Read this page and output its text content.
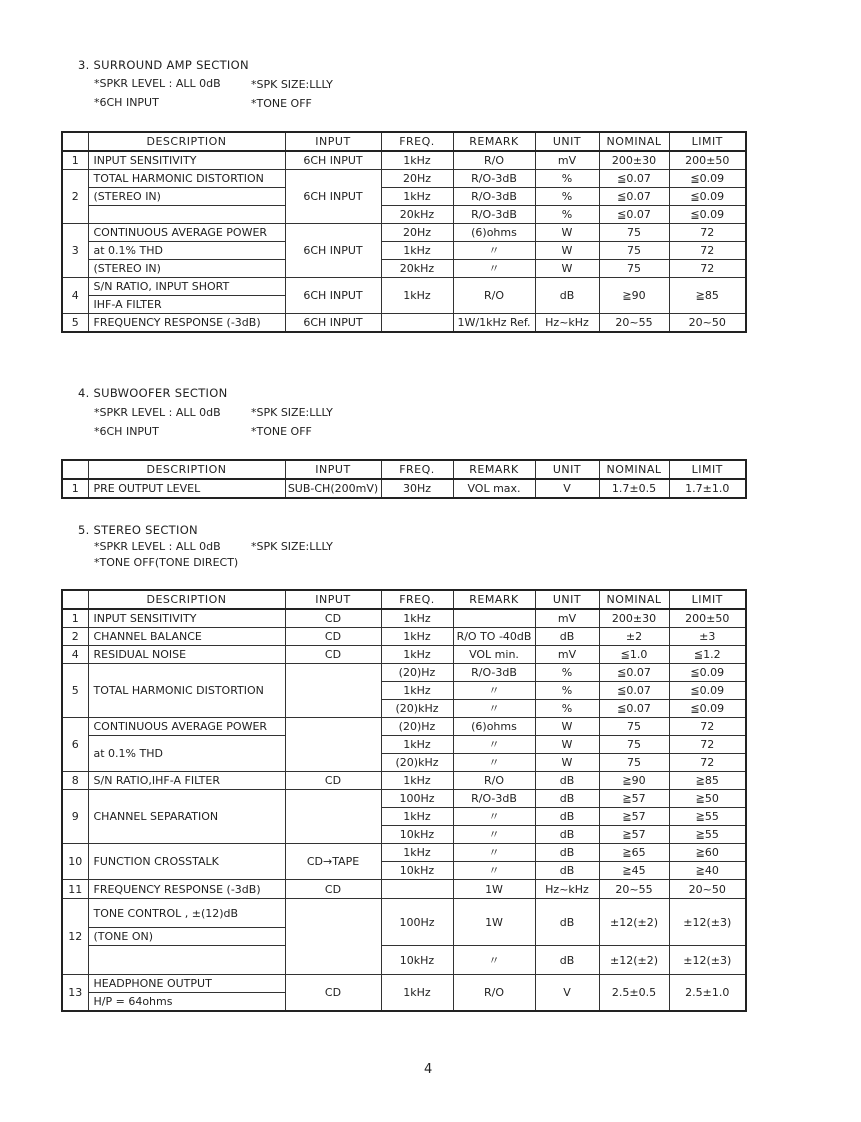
3. SURROUND AMP SECTION
*SPKR LEVEL : ALL 0dB	*SPK SIZE:LLLY
*6CH INPUT	*TONE OFF
	DESCRIPTION	INPUT	FREQ.	REMARK	UNIT	NOMINAL	LIMIT
1	INPUT SENSITIVITY	6CH INPUT	1kHz	R/O	mV	200±30	200±50
2	TOTAL HARMONIC DISTORTION	6CH INPUT	20Hz	R/O-3dB	%	≦0.07	≦0.09
	(STEREO IN)		1kHz	R/O-3dB	%	≦0.07	≦0.09
			20kHz	R/O-3dB	%	≦0.07	≦0.09
3	CONTINUOUS AVERAGE POWER	6CH INPUT	20Hz	(6)ohms	W	75	72
	at 0.1% THD		1kHz	〃	W	75	72
	(STEREO IN)		20kHz	〃	W	75	72
4	S/N RATIO, INPUT SHORT	6CH INPUT	1kHz	R/O	dB	≧90	≧85
	IHF-A FILTER						
5	FREQUENCY RESPONSE (-3dB)	6CH INPUT		1W/1kHz Ref.	Hz~kHz	20~55	20~50
4. SUBWOOFER SECTION
*SPKR LEVEL : ALL 0dB	*SPK SIZE:LLLY
*6CH INPUT	*TONE OFF
	DESCRIPTION	INPUT	FREQ.	REMARK	UNIT	NOMINAL	LIMIT
1	PRE OUTPUT LEVEL	SUB-CH(200mV)	30Hz	VOL max.	V	1.7±0.5	1.7±1.0
5. STEREO SECTION
*SPKR LEVEL : ALL 0dB	*SPK SIZE:LLLY
*TONE OFF(TONE DIRECT)
	DESCRIPTION	INPUT	FREQ.	REMARK	UNIT	NOMINAL	LIMIT
1	INPUT SENSITIVITY	CD	1kHz		mV	200±30	200±50
2	CHANNEL BALANCE	CD	1kHz	R/O TO -40dB	dB	±2	±3
4	RESIDUAL NOISE	CD	1kHz	VOL min.	mV	≦1.0	≦1.2
5	TOTAL HARMONIC DISTORTION		(20)Hz	R/O-3dB	%	≦0.07	≦0.09
			1kHz	〃	%	≦0.07	≦0.09
			(20)kHz	〃	%	≦0.07	≦0.09
6	CONTINUOUS AVERAGE POWER		(20)Hz	(6)ohms	W	75	72
	at 0.1% THD		1kHz	〃	W	75	72
			(20)kHz	〃	W	75	72
8	S/N RATIO,IHF-A FILTER	CD	1kHz	R/O	dB	≧90	≧85
9	CHANNEL SEPARATION		100Hz	R/O-3dB	dB	≧57	≧50
			1kHz	〃	dB	≧57	≧55
			10kHz	〃	dB	≧57	≧55
10	FUNCTION CROSSTALK	CD→TAPE	1kHz	〃	dB	≧65	≧60
			10kHz	〃	dB	≧45	≧40
11	FREQUENCY RESPONSE (-3dB)	CD		1W	Hz~kHz	20~55	20~50
12	TONE CONTROL , ±(12)dB		100Hz	1W	dB	±12(±2)	±12(±3)
	(TONE ON)						
			10kHz	〃	dB	±12(±2)	±12(±3)
13	HEADPHONE OUTPUT	CD	1kHz	R/O	V	2.5±0.5	2.5±1.0
	H/P = 64ohms						
4
